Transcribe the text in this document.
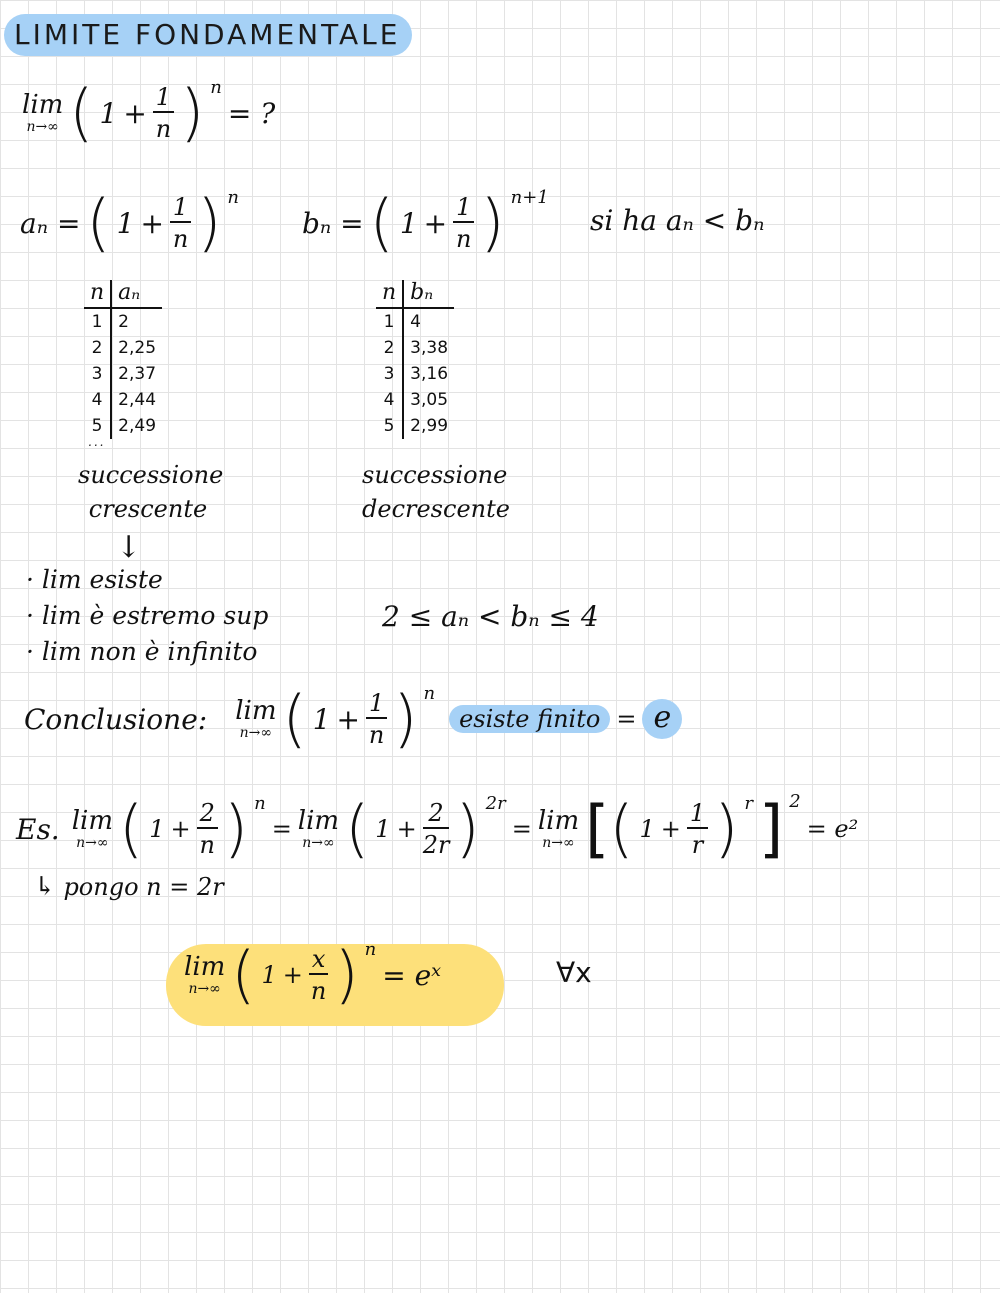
LIMITE FONDAMENTALE
lim
n→∞ ( $1 + \frac{1}{n}$ ) n
= ?
aₙ = ( $1 + \frac{1}{n}$ ) n
bₙ = ( $1 + \frac{1}{n}$ ) n+1
si ha aₙ < bₙ
n	aₙ
1	2
2	2,25
3	2,37
4	2,44
5	2,49
...
successione
crescente
n	bₙ
1	4
2	3,38
3	3,16
4	3,05
5	2,99
successione
decrescente
↓
· lim esiste
· lim è estremo sup
· lim non è infinito
2 ≤ aₙ < bₙ ≤ 4
Conclusione: lim
n→∞ ( $1 + \frac{1}{n}$ ) n
esiste finito = e
Es. lim
n→∞ ( $1 + \frac{2}{n}$ ) n
= lim
n→∞ ( $1 + \frac{2}{2r}$ ) 2r
= lim
n→∞ [ ( $1 + \frac{1}{r}$ ) r ] 2
= e²
↳ pongo n = 2r
lim
n→∞ ( $1 + \frac{x}{n}$ ) n
= eˣ	∀x
